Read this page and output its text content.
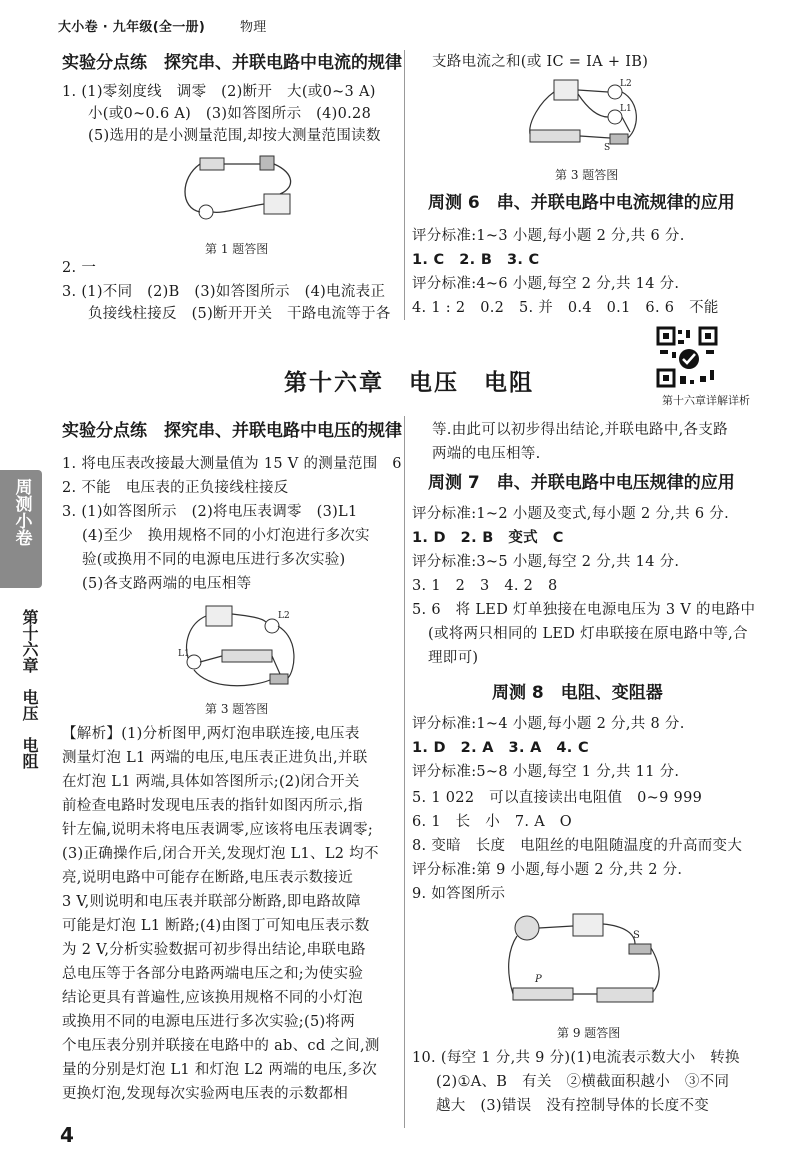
大小卷 · 九年级(全一册)	物理
实验分点练　探究串、并联电路中电流的规律
1. (1)零刻度线　调零　(2)断开　大(或0~3 A)
小(或0~0.6 A)　(3)如答图所示　(4)0.28
(5)选用的是小测量范围,却按大测量范围读数
第 1 题答图
2. 一
3. (1)不同　(2)B　(3)如答图所示　(4)电流表正
负接线柱接反　(5)断开开关　干路电流等于各
支路电流之和(或 IC = IA + IB)
L2
L1
S
第 3 题答图
周测 6　串、并联电路中电流规律的应用
评分标准:1~3 小题,每小题 2 分,共 6 分.
1. C　2. B　3. C
评分标准:4~6 小题,每空 2 分,共 14 分.
4. 1 : 2　0.2　5. 并　0.4　0.1　6. 6　不能
第十六章详解详析
第十六章　电压　电阻
周测小卷
第十六章　电压　电阻
实验分点练　探究串、并联电路中电压的规律
1. 将电压表改接最大测量值为 15 V 的测量范围　6
2. 不能　电压表的正负接线柱接反
3. (1)如答图所示　(2)将电压表调零　(3)L1
(4)至少　换用规格不同的小灯泡进行多次实
验(或换用不同的电源电压进行多次实验)
(5)各支路两端的电压相等
L2
L1
第 3 题答图
【解析】(1)分析图甲,两灯泡串联连接,电压表
测量灯泡 L1 两端的电压,电压表正进负出,并联
在灯泡 L1 两端,具体如答图所示;(2)闭合开关
前检查电路时发现电压表的指针如图丙所示,指
针左偏,说明未将电压表调零,应该将电压表调零;
(3)正确操作后,闭合开关,发现灯泡 L1、L2 均不
亮,说明电路中可能存在断路,电压表示数接近
3 V,则说明和电压表并联部分断路,即电路故障
可能是灯泡 L1 断路;(4)由图丁可知电压表示数
为 2 V,分析实验数据可初步得出结论,串联电路
总电压等于各部分电路两端电压之和;为使实验
结论更具有普遍性,应该换用规格不同的小灯泡
或换用不同的电源电压进行多次实验;(5)将两
个电压表分别并联接在电路中的 ab、cd 之间,测
量的分别是灯泡 L1 和灯泡 L2 两端的电压,多次
更换灯泡,发现每次实验两电压表的示数都相
等.由此可以初步得出结论,并联电路中,各支路
两端的电压相等.
周测 7　串、并联电路中电压规律的应用
评分标准:1~2 小题及变式,每小题 2 分,共 6 分.
1. D　2. B　变式　C
评分标准:3~5 小题,每空 2 分,共 14 分.
3. 1　2　3　4. 2　8
5. 6　将 LED 灯单独接在电源电压为 3 V 的电路中
(或将两只相同的 LED 灯串联接在原电路中等,合
理即可)
周测 8　电阻、变阻器
评分标准:1~4 小题,每小题 2 分,共 8 分.
1. D　2. A　3. A　4. C
评分标准:5~8 小题,每空 1 分,共 11 分.
5. 1 022　可以直接读出电阻值　0~9 999
6. 1　长　小　7. A　O
8. 变暗　长度　电阻丝的电阻随温度的升高而变大
评分标准:第 9 小题,每小题 2 分,共 2 分.
9. 如答图所示
S
P
第 9 题答图
10. (每空 1 分,共 9 分)(1)电流表示数大小　转换
(2)①A、B　有关　②横截面积越小　③不同
越大　(3)错误　没有控制导体的长度不变
4
